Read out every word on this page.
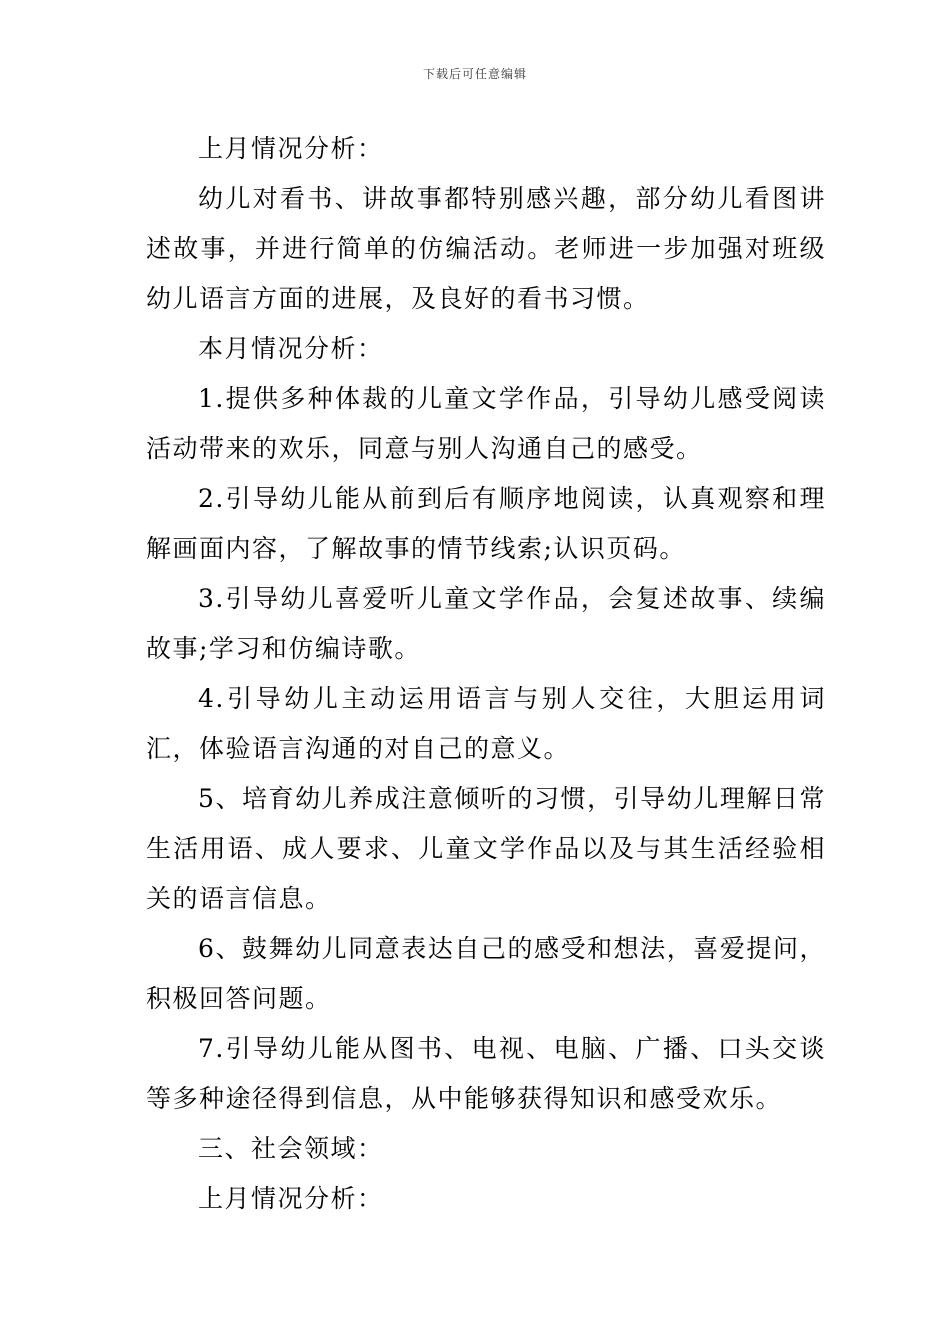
下载后可任意编辑

上月情况分析：

幼儿对看书、讲故事都特别感兴趣，部分幼儿看图讲述故事，并进行简单的仿编活动。老师进一步加强对班级幼儿语言方面的进展，及良好的看书习惯。

本月情况分析：

1.提供多种体裁的儿童文学作品，引导幼儿感受阅读活动带来的欢乐，同意与别人沟通自己的感受。

2.引导幼儿能从前到后有顺序地阅读，认真观察和理解画面内容，了解故事的情节线索;认识页码。

3.引导幼儿喜爱听儿童文学作品，会复述故事、续编故事;学习和仿编诗歌。

4.引导幼儿主动运用语言与别人交往，大胆运用词汇，体验语言沟通的对自己的意义。

5、培育幼儿养成注意倾听的习惯，引导幼儿理解日常生活用语、成人要求、儿童文学作品以及与其生活经验相关的语言信息。

6、鼓舞幼儿同意表达自己的感受和想法，喜爱提问，积极回答问题。

7.引导幼儿能从图书、电视、电脑、广播、口头交谈等多种途径得到信息，从中能够获得知识和感受欢乐。

三、社会领域：

上月情况分析：
